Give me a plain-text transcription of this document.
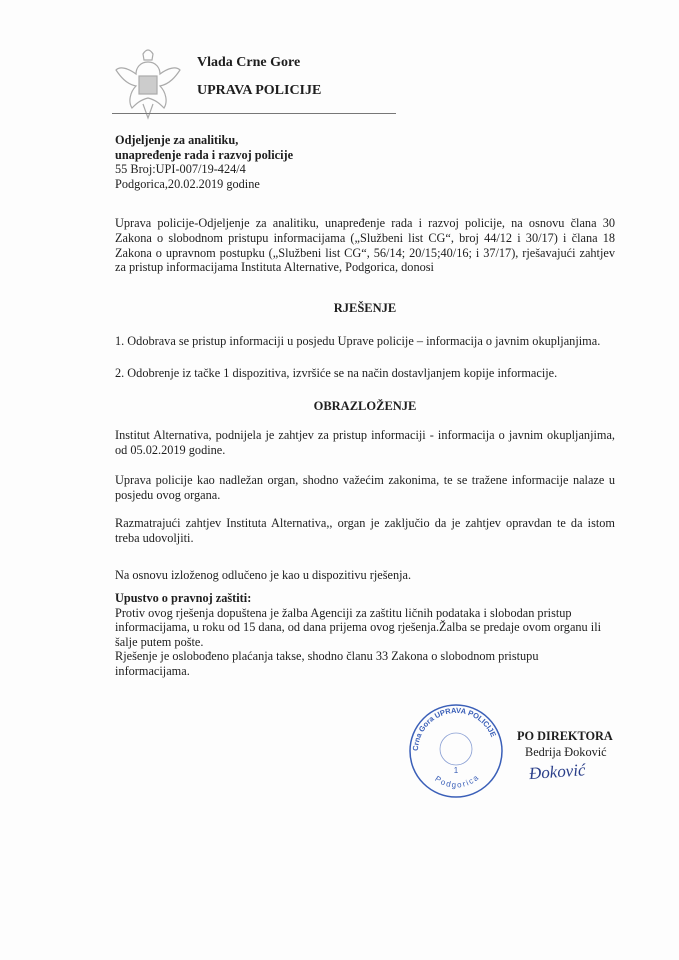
Vlada Crne Gore
UPRAVA POLICIJE
Odjeljenje za analitiku,
unapređenje rada i razvoj policije
55 Broj:UPI-007/19-424/4
Podgorica,20.02.2019 godine
Uprava policije-Odjeljenje za analitiku, unapređenje rada i razvoj policije, na osnovu člana 30 Zakona o slobodnom pristupu informacijama („Službeni list CG“, broj 44/12 i 30/17) i člana 18 Zakona o upravnom postupku („Službeni list CG“, 56/14; 20/15;40/16; i 37/17), rješavajući zahtjev za pristup informacijama Instituta Alternative, Podgorica, donosi
RJEŠENJE
1. Odobrava se pristup informaciji u posjedu Uprave policije – informacija o javnim okupljanjima.
2. Odobrenje iz tačke 1 dispozitiva, izvršiće se na način dostavljanjem kopije informacije.
OBRAZLOŽENJE
Institut Alternativa, podnijela je zahtjev za pristup informaciji - informacija o javnim okupljanjima, od 05.02.2019 godine.
Uprava policije kao nadležan organ, shodno važećim zakonima, te se tražene informacije nalaze u posjedu ovog organa.
Razmatrajući zahtjev Instituta Alternativa,, organ je zaključio da je zahtjev opravdan te da istom treba udovoljiti.
Na osnovu izloženog odlučeno je kao u dispozitivu rješenja.
Upustvo o pravnoj zaštiti:
Protiv ovog rješenja dopuštena je žalba Agenciji za zaštitu ličnih podataka i slobodan pristup informacijama, u roku od 15 dana, od dana prijema ovog rješenja.Žalba se predaje ovom organu ili šalje putem pošte.
Rješenje je oslobođeno plaćanja takse, shodno članu 33 Zakona o slobodnom pristupu informacijama.
Crna Gora UPRAVA POLICIJE
Podgorica
1
PO DIREKTORA
Bedrija Đoković
Đoković
